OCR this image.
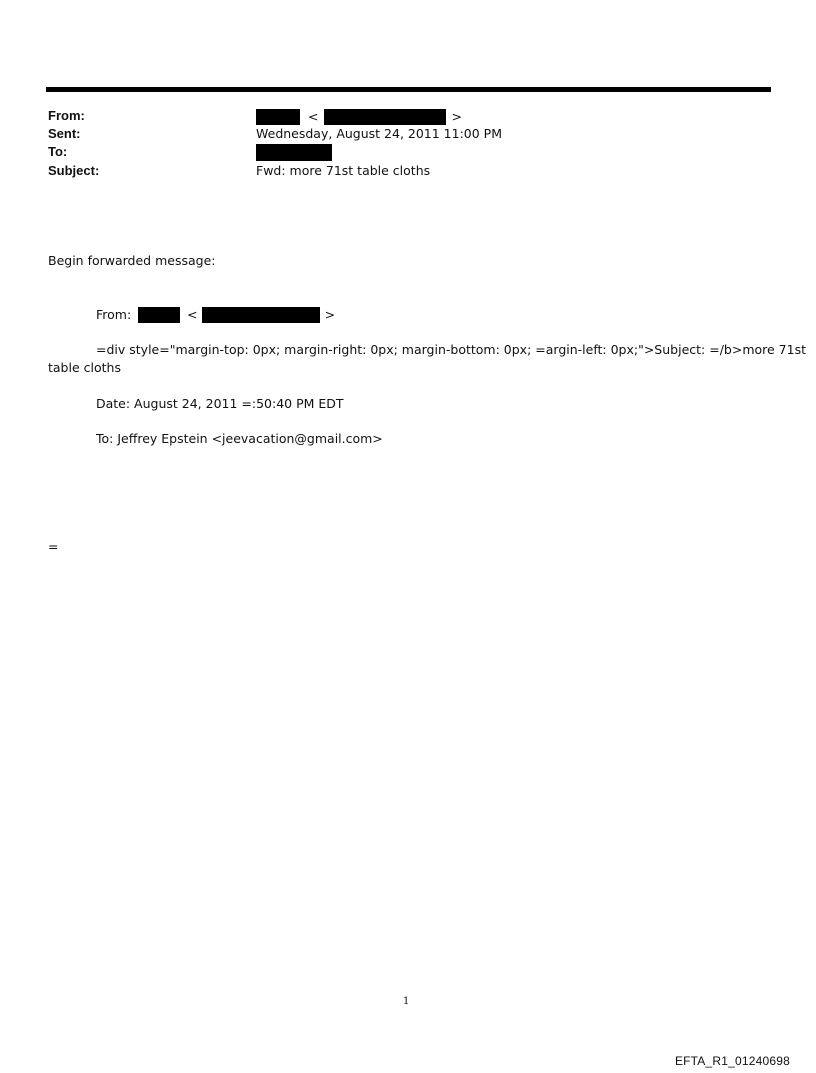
From:	<	>
Sent:	Wednesday, August 24, 2011 11:00 PM
To:
Subject:	Fwd: more 71st table cloths
Begin forwarded message:
From:	<	>
=div style="margin-top: 0px; margin-right: 0px; margin-bottom: 0px; =argin-left: 0px;">Subject: =/b>more 71st
table cloths
Date: August 24, 2011 =:50:40 PM EDT
To: Jeffrey Epstein <jeevacation@gmail.com>
=
1
EFTA_R1_01240698
